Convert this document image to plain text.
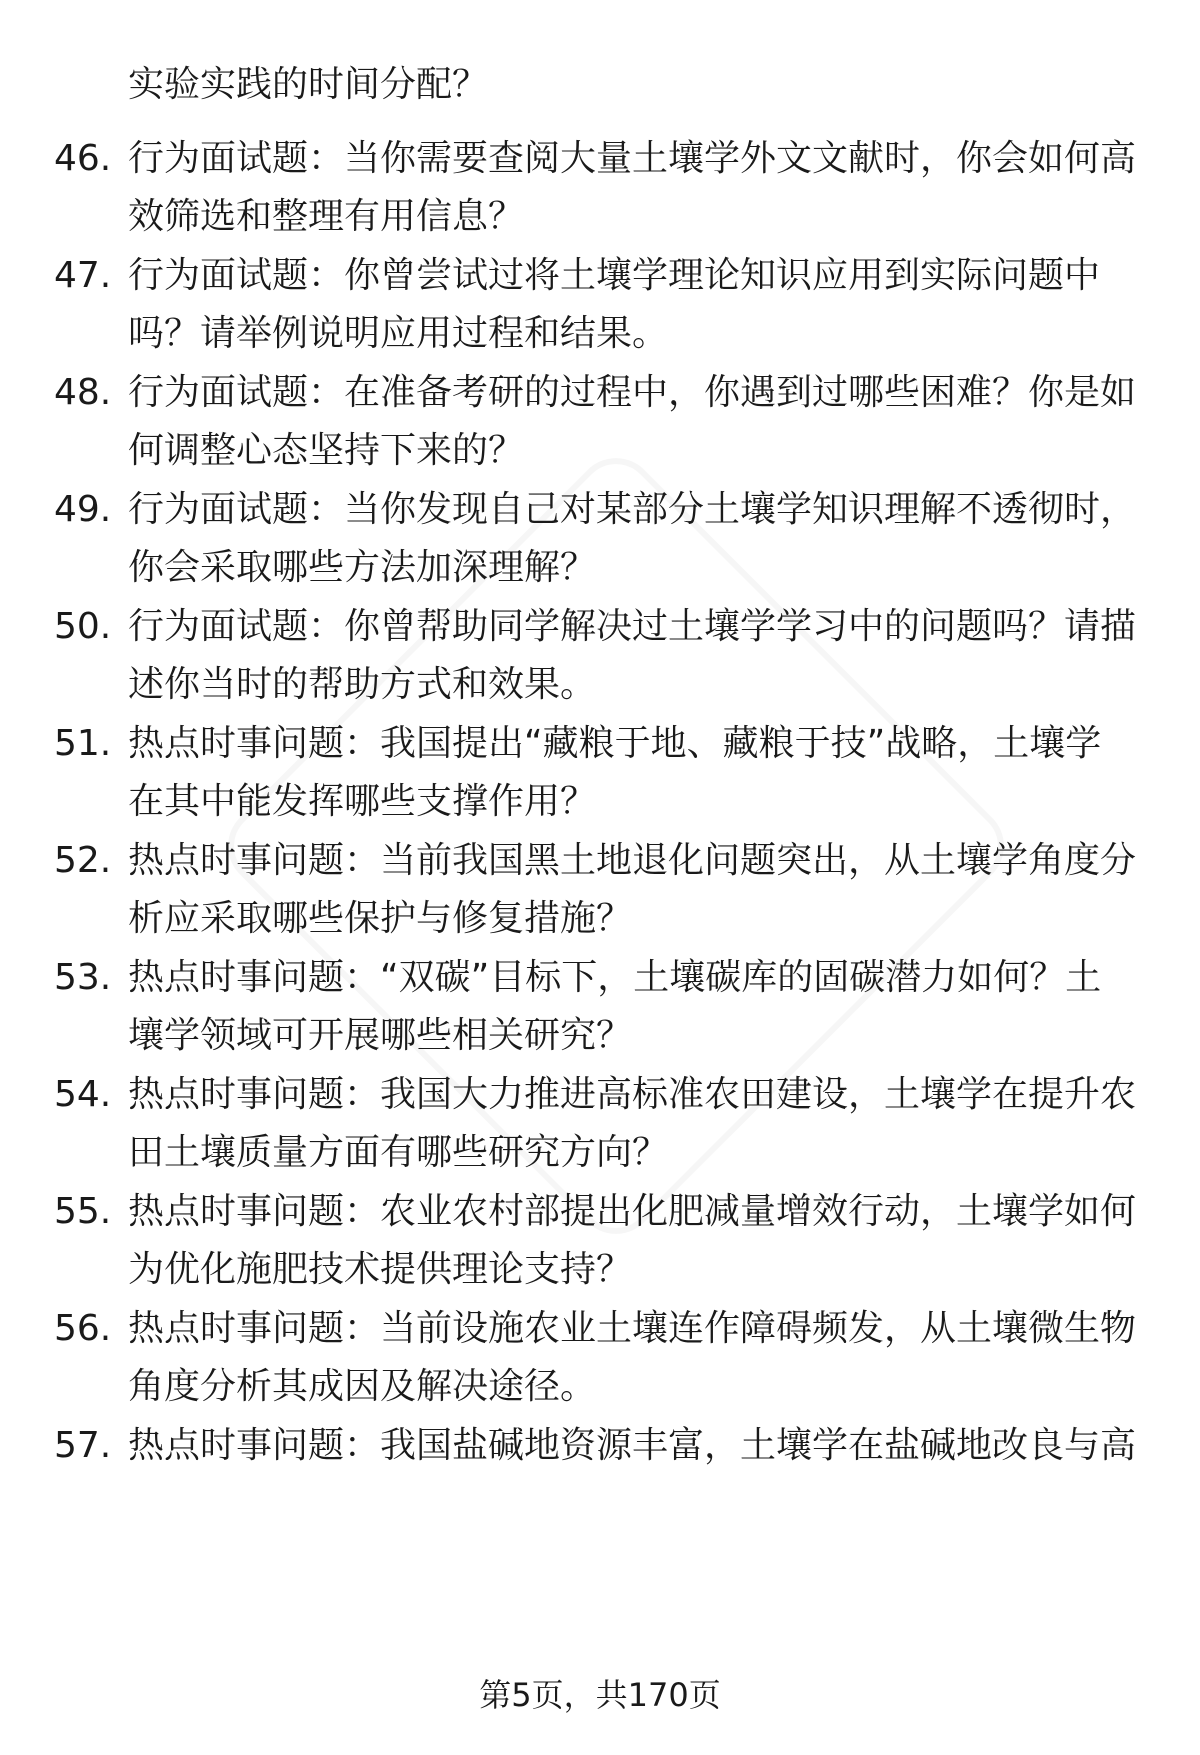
实验实践的时间分配？
46. 行为面试题：当你需要查阅大量土壤学外文文献时，你会如何高
效筛选和整理有用信息？
47. 行为面试题：你曾尝试过将土壤学理论知识应用到实际问题中
吗？请举例说明应用过程和结果。
48. 行为面试题：在准备考研的过程中，你遇到过哪些困难？你是如
何调整心态坚持下来的？
49. 行为面试题：当你发现自己对某部分土壤学知识理解不透彻时，
你会采取哪些方法加深理解？
50. 行为面试题：你曾帮助同学解决过土壤学学习中的问题吗？请描
述你当时的帮助方式和效果。
51. 热点时事问题：我国提出“藏粮于地、藏粮于技”战略，土壤学
在其中能发挥哪些支撑作用？
52. 热点时事问题：当前我国黑土地退化问题突出，从土壤学角度分
析应采取哪些保护与修复措施？
53. 热点时事问题：“双碳”目标下，土壤碳库的固碳潜力如何？土
壤学领域可开展哪些相关研究？
54. 热点时事问题：我国大力推进高标准农田建设，土壤学在提升农
田土壤质量方面有哪些研究方向？
55. 热点时事问题：农业农村部提出化肥减量增效行动，土壤学如何
为优化施肥技术提供理论支持？
56. 热点时事问题：当前设施农业土壤连作障碍频发，从土壤微生物
角度分析其成因及解决途径。
57. 热点时事问题：我国盐碱地资源丰富，土壤学在盐碱地改良与高
第5页，共170页
